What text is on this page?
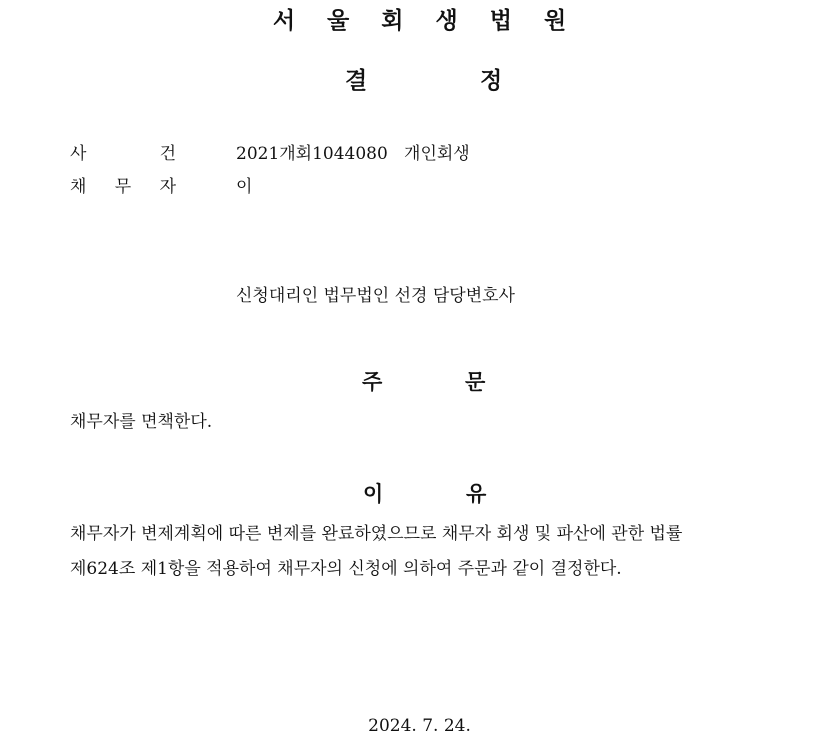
서 울 회 생 법 원
결	정
사	건	2021개회1044080   개인회생
채 무 자	이
신청대리인 법무법인 선경 담당변호사
주	문
채무자를 면책한다.
이	유
채무자가 변제계획에 따른 변제를 완료하였으므로 채무자 회생 및 파산에 관한 법률
제624조 제1항을 적용하여 채무자의 신청에 의하여 주문과 같이 결정한다.
2024. 7. 24.
